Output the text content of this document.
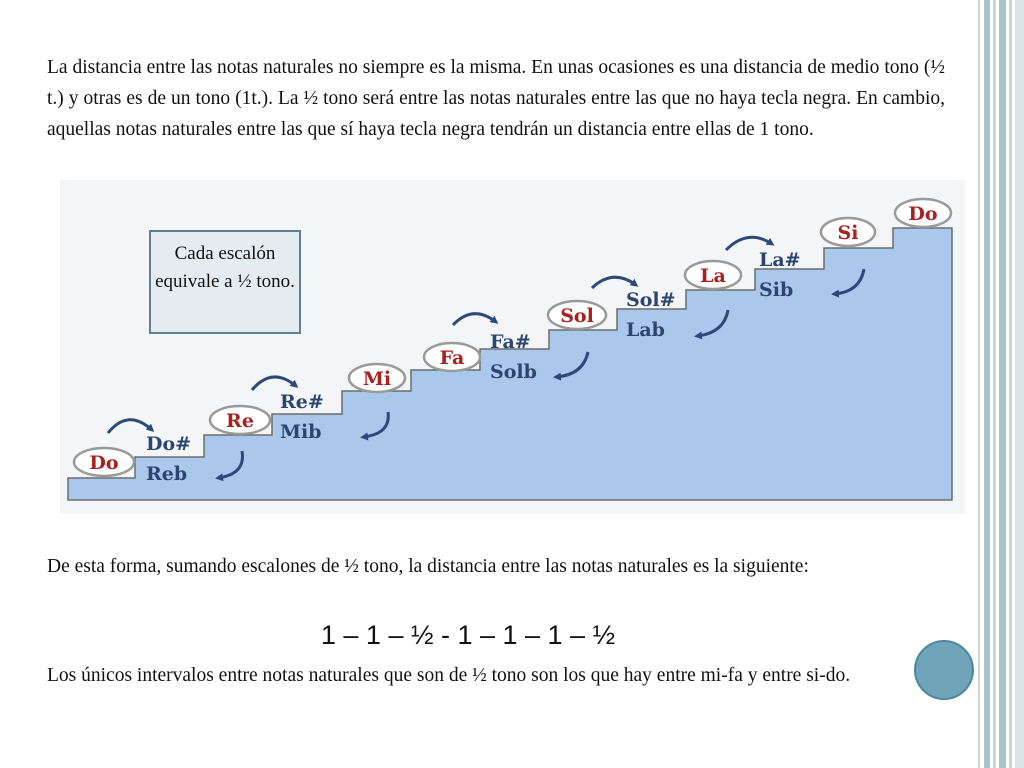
La distancia entre las notas naturales no siempre es la misma. En unas ocasiones es una distancia de medio tono (½ t.) y otras es de un tono (1t.). La ½ tono será entre las notas naturales entre las que no haya tecla negra. En cambio, aquellas notas naturales entre las que sí haya tecla negra tendrán un distancia entre ellas de 1 tono.

Do
Re
Mi
Fa
Sol
La
Si
Do
Do#
Reb
Re#
Mib
Fa#
Solb
Sol#
Lab
La#
Sib
Cada escalón equivale a ½ tono.

De esta forma, sumando escalones de ½ tono, la distancia entre las notas naturales es la siguiente:

1 – 1 – ½ - 1 – 1 – 1 – ½

Los únicos intervalos entre notas naturales que son de ½ tono son los que hay entre mi-fa y entre si-do.
